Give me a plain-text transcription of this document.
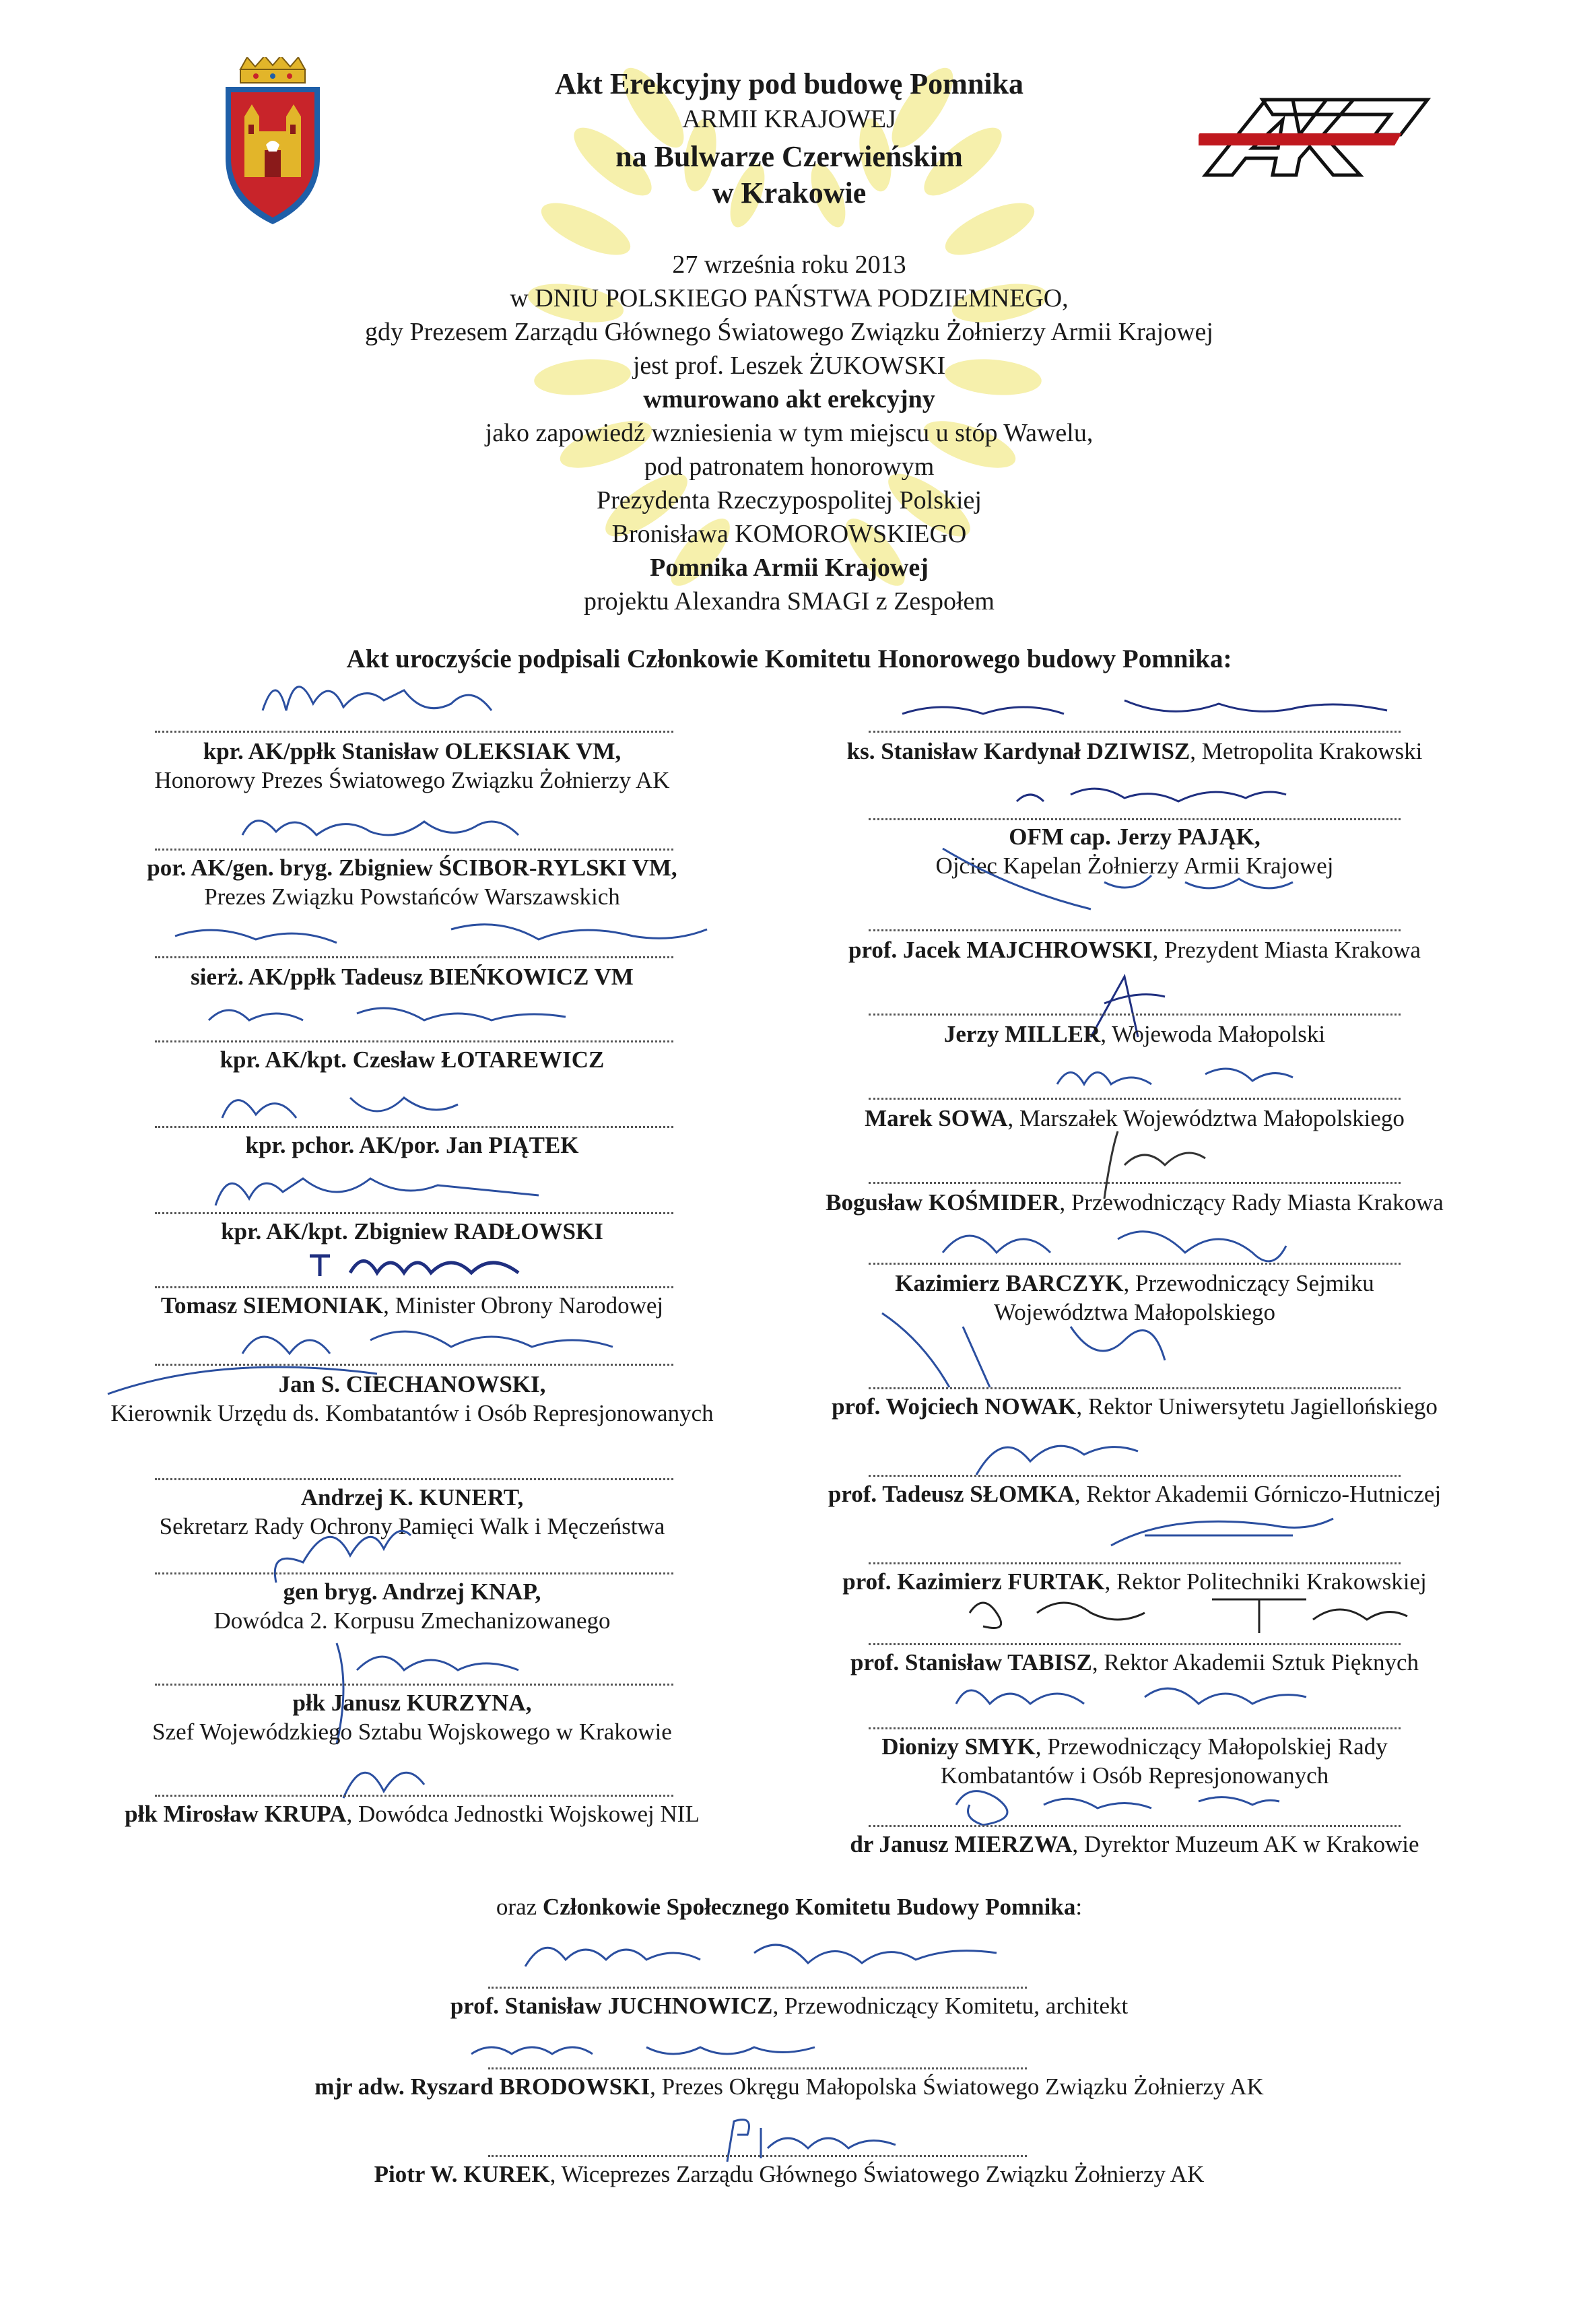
Akt Erekcyjny pod budowę Pomnika
ARMII KRAJOWEJ
na Bulwarze Czerwieńskim
w Krakowie
27 września roku 2013
w DNIU POLSKIEGO PAŃSTWA PODZIEMNEGO,
gdy Prezesem Zarządu Głównego Światowego Związku Żołnierzy Armii Krajowej
jest prof. Leszek ŻUKOWSKI
wmurowano akt erekcyjny
jako zapowiedź wzniesienia w tym miejscu u stóp Wawelu,
pod patronatem honorowym
Prezydenta Rzeczypospolitej Polskiej
Bronisława KOMOROWSKIEGO
Pomnika Armii Krajowej
projektu Alexandra SMAGI z Zespołem
Akt uroczyście podpisali Członkowie Komitetu Honorowego budowy Pomnika:
kpr. AK/ppłk Stanisław OLEKSIAK VM,
Honorowy Prezes Światowego Związku Żołnierzy AK
por. AK/gen. bryg. Zbigniew ŚCIBOR-RYLSKI VM,
Prezes Związku Powstańców Warszawskich
sierż. AK/ppłk Tadeusz BIEŃKOWICZ VM
kpr. AK/kpt. Czesław ŁOTAREWICZ
kpr. pchor. AK/por. Jan PIĄTEK
kpr. AK/kpt. Zbigniew RADŁOWSKI
Tomasz SIEMONIAK, Minister Obrony Narodowej
Jan S. CIECHANOWSKI,
Kierownik Urzędu ds. Kombatantów i Osób Represjonowanych
Andrzej K. KUNERT,
Sekretarz Rady Ochrony Pamięci Walk i Męczeństwa
gen bryg. Andrzej KNAP,
Dowódca 2. Korpusu Zmechanizowanego
płk Janusz KURZYNA,
Szef Wojewódzkiego Sztabu Wojskowego w Krakowie
płk Mirosław KRUPA, Dowódca Jednostki Wojskowej NIL
ks. Stanisław Kardynał DZIWISZ, Metropolita Krakowski
OFM cap. Jerzy PAJĄK,
Ojciec Kapelan Żołnierzy Armii Krajowej
prof. Jacek MAJCHROWSKI, Prezydent Miasta Krakowa
Jerzy MILLER, Wojewoda Małopolski
Marek SOWA, Marszałek Województwa Małopolskiego
Bogusław KOŚMIDER, Przewodniczący Rady Miasta Krakowa
Kazimierz BARCZYK, Przewodniczący Sejmiku
Województwa Małopolskiego
prof. Wojciech NOWAK, Rektor Uniwersytetu Jagiellońskiego
prof. Tadeusz SŁOMKA, Rektor Akademii Górniczo-Hutniczej
prof. Kazimierz FURTAK, Rektor Politechniki Krakowskiej
prof. Stanisław TABISZ, Rektor Akademii Sztuk Pięknych
Dionizy SMYK, Przewodniczący Małopolskiej Rady
Kombatantów i Osób Represjonowanych
dr Janusz MIERZWA, Dyrektor Muzeum AK w Krakowie
oraz Członkowie Społecznego Komitetu Budowy Pomnika:
prof. Stanisław JUCHNOWICZ, Przewodniczący Komitetu, architekt
mjr adw. Ryszard BRODOWSKI, Prezes Okręgu Małopolska Światowego Związku Żołnierzy AK
Piotr W. KUREK, Wiceprezes Zarządu Głównego Światowego Związku Żołnierzy AK
